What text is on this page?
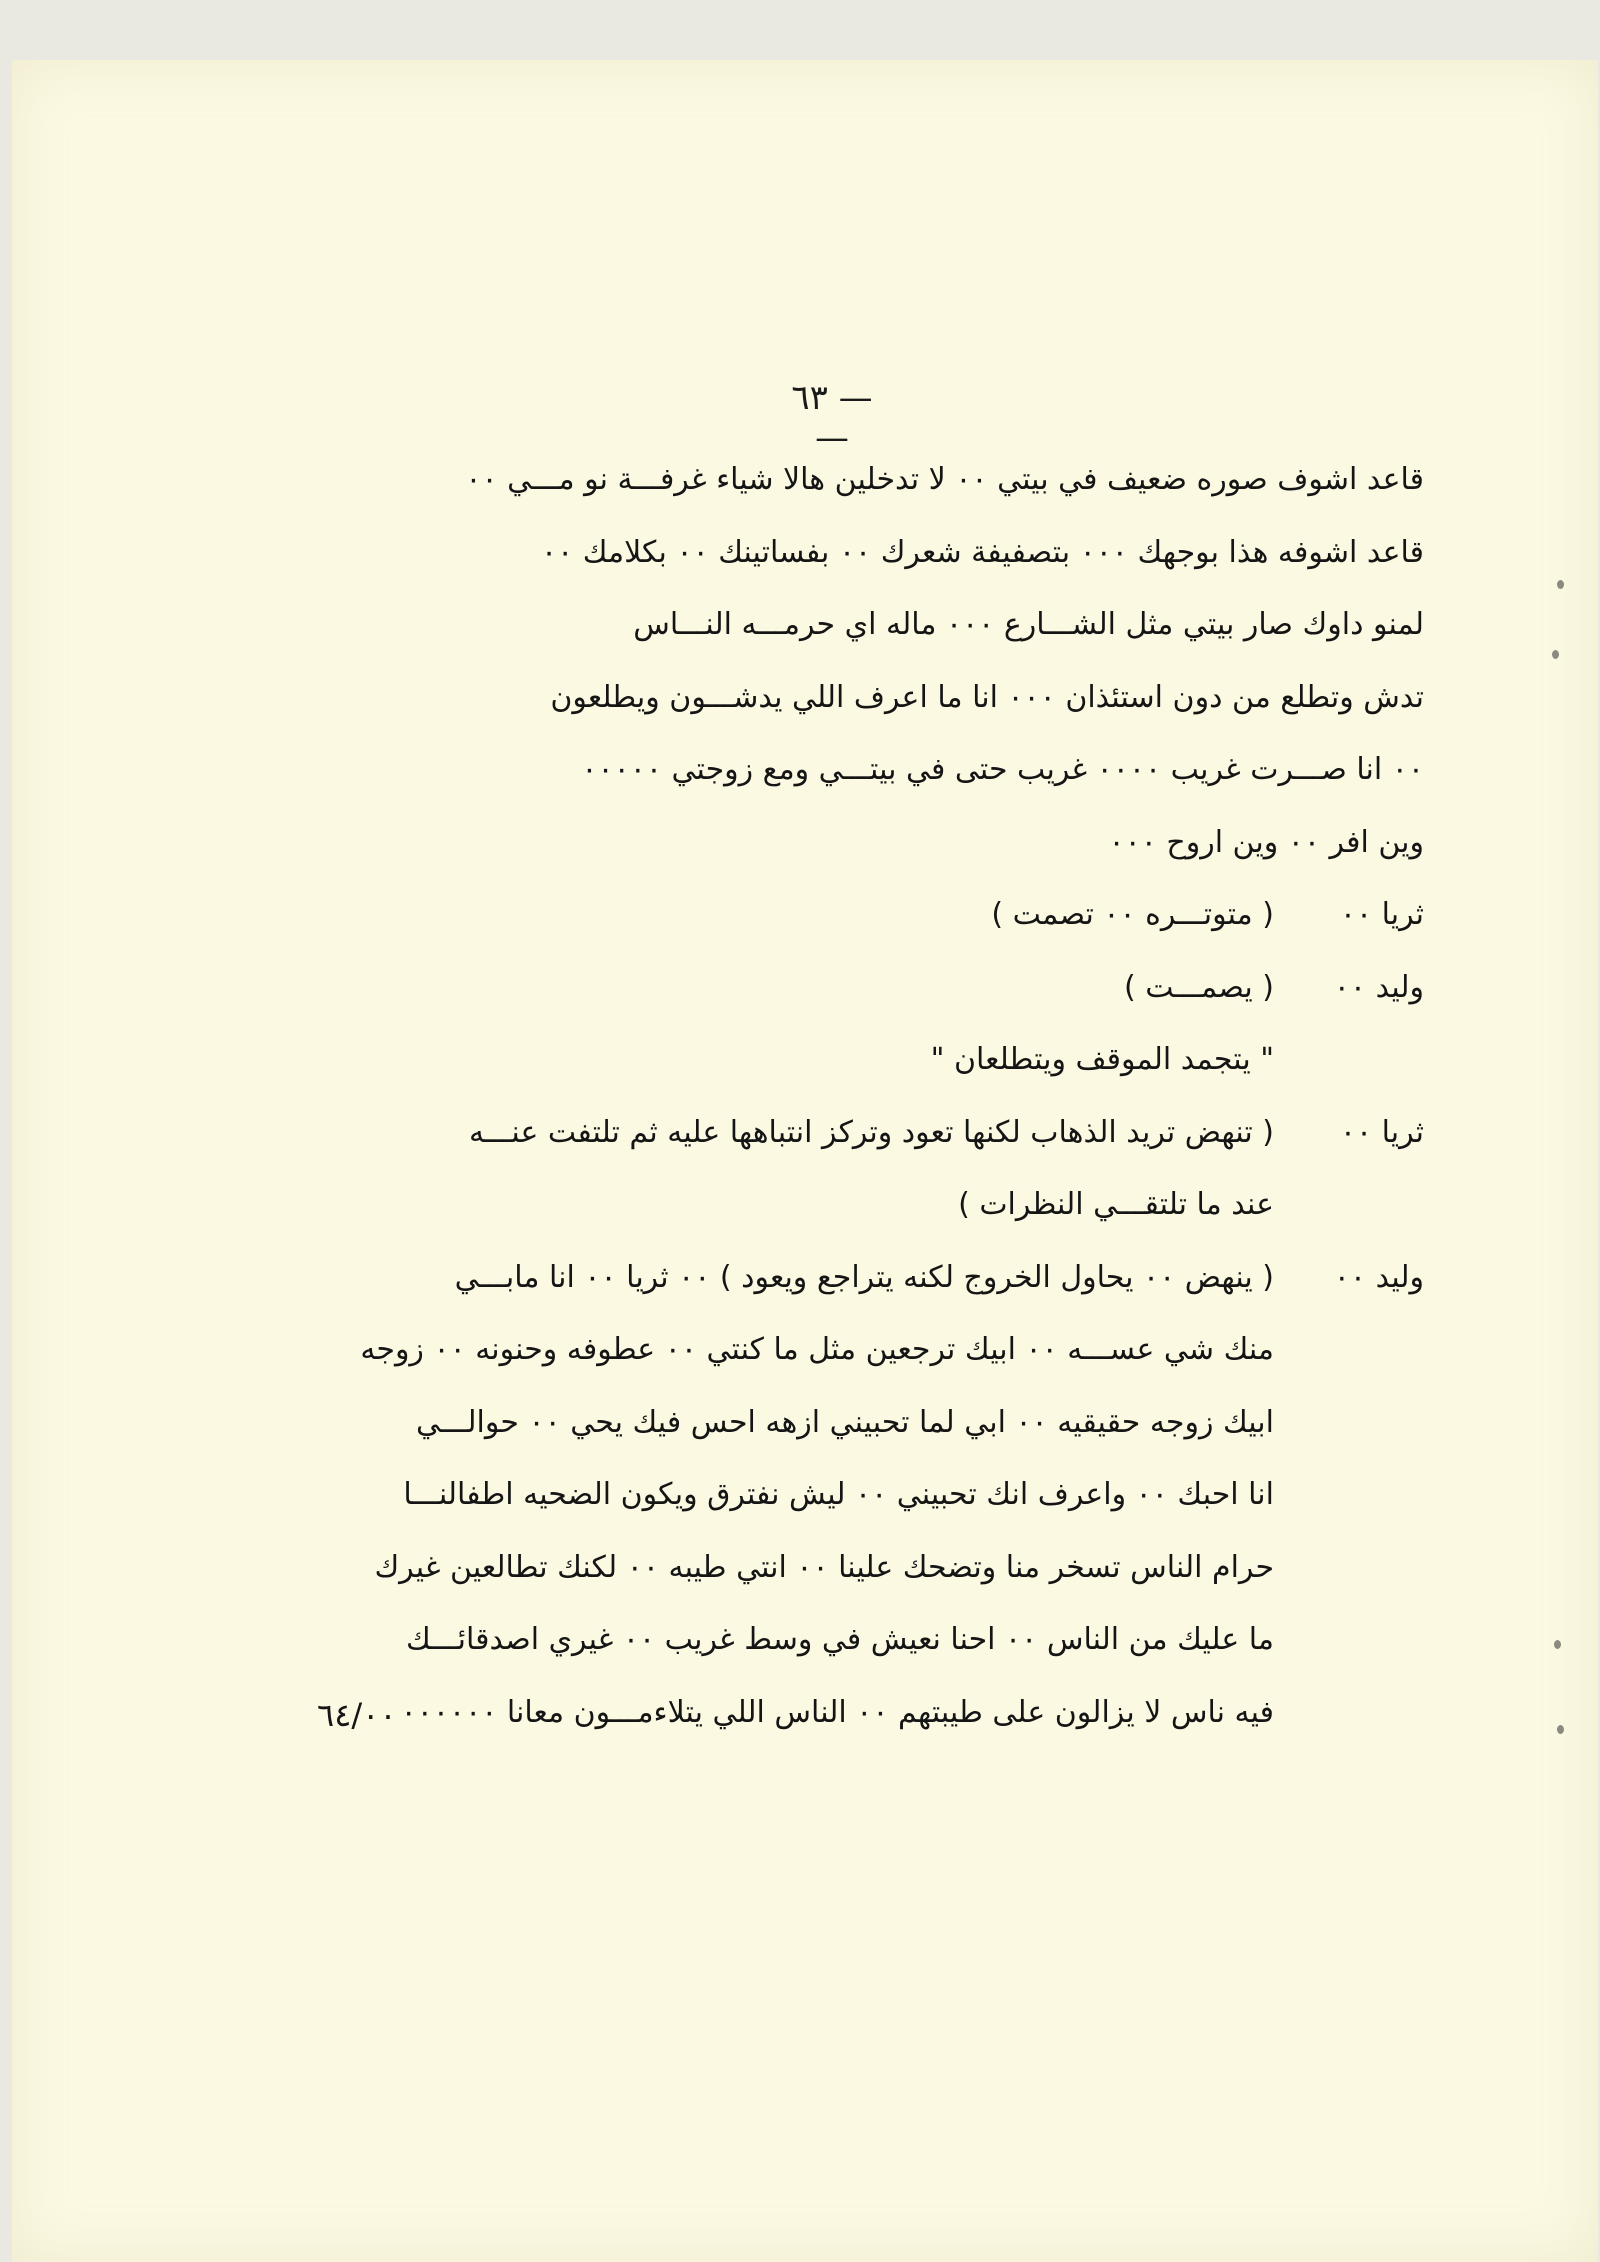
— ٦٣ —
قاعد اشوف صوره ضعيف في بيتي ٠٠ لا تدخلين هالا شياء غرفـــة نو مـــي ٠٠
قاعد اشوفه هذا بوجهك ٠٠٠ بتصفيفة شعرك ٠٠ بفساتينك ٠٠ بكلامك ٠٠
لمنو داوك صار بيتي مثل الشـــارع ٠٠٠ ماله اي حرمـــه النـــاس
تدش وتطلع من دون استئذان ٠٠٠ انا ما اعرف اللي يدشـــون ويطلعون
٠٠ انا صـــرت غريب ٠٠٠٠ غريب حتى في بيتـــي ومع زوجتي ٠٠٠٠٠
وين افر ٠٠ وين اروح ٠٠٠
ثريا ٠٠
( متوتـــره ٠٠ تصمت )
وليد ٠٠
( يصمـــت )
" يتجمد الموقف ويتطلعان "
ثريا ٠٠
( تنهض تريد الذهاب لكنها تعود وتركز انتباهها عليه ثم تلتفت عنـــه
عند ما تلتقـــي النظرات )
وليد ٠٠
( ينهض ٠٠ يحاول الخروج لكنه يتراجع ويعود ) ٠٠ ثريا ٠٠ انا مابـــي
منك شي عســـه ٠٠ ابيك ترجعين مثل ما كنتي ٠٠ عطوفه وحنونه ٠٠ زوجه
ابيك زوجه حقيقيه ٠٠ ابي لما تحبيني ازهه احس فيك يحي ٠٠ حوالـــي
انا احبك ٠٠ واعرف انك تحبيني ٠٠ ليش نفترق ويكون الضحيه اطفالنـــا
حرام الناس تسخر منا وتضحك علينا ٠٠ انتي طيبه ٠٠ لكنك تطالعين غيرك
ما عليك من الناس ٠٠ احنا نعيش في وسط غريب ٠٠ غيري اصدقائـــك
فيه ناس لا يزالون على طيبتهم ٠٠ الناس اللي يتلاءمـــون معانا ٠٠٠٠٠٠
٦٤/٠٠
